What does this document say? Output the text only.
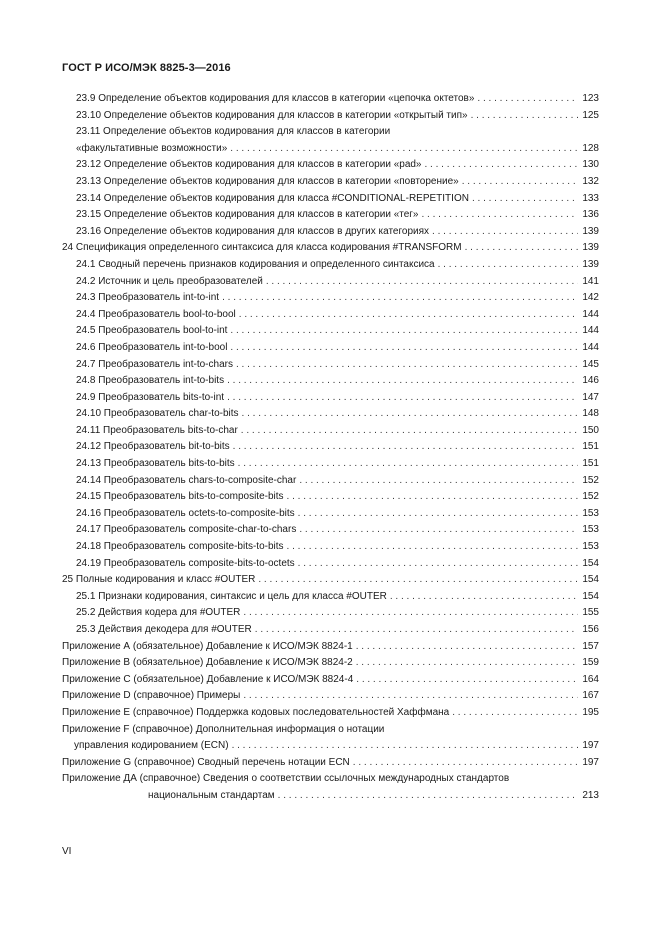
ГОСТ Р ИСО/МЭК 8825-3—2016
23.9 Определение объектов кодирования для классов в категории «цепочка октетов» . . .	123
23.10 Определение объектов кодирования для классов в категории «открытый тип» . . .	125
23.11 Определение объектов кодирования для классов в категории
«факультативные возможности» . . .	128
23.12 Определение объектов кодирования для классов в категории «pad» . . .	130
23.13 Определение объектов кодирования для классов в категории «повторение» . . .	132
23.14 Определение объектов кодирования для класса #CONDITIONAL-REPETITION . . .	133
23.15 Определение объектов кодирования для классов в категории «тег» . . .	136
23.16 Определение объектов кодирования для классов в других категориях . . .	139
24 Спецификация определенного синтаксиса для класса кодирования #TRANSFORM . . .	139
24.1 Сводный перечень признаков кодирования и определенного синтаксиса . . .	139
24.2 Источник и цель преобразователей . . .	141
24.3 Преобразователь int-to-int . . .	142
24.4 Преобразователь bool-to-bool . . .	144
24.5 Преобразователь bool-to-int . . .	144
24.6 Преобразователь int-to-bool . . .	144
24.7 Преобразователь int-to-chars . . .	145
24.8 Преобразователь int-to-bits . . .	146
24.9 Преобразователь bits-to-int . . .	147
24.10 Преобразователь char-to-bits . . .	148
24.11 Преобразователь bits-to-char . . .	150
24.12 Преобразователь bit-to-bits . . .	151
24.13 Преобразователь bits-to-bits . . .	151
24.14 Преобразователь chars-to-composite-char . . .	152
24.15 Преобразователь bits-to-composite-bits . . .	152
24.16 Преобразователь octets-to-composite-bits . . .	153
24.17 Преобразователь composite-char-to-chars . . .	153
24.18 Преобразователь composite-bits-to-bits . . .	153
24.19 Преобразователь composite-bits-to-octets . . .	154
25 Полные кодирования и класс #OUTER . . .	154
25.1 Признаки кодирования, синтаксис и цель для класса #OUTER . . .	154
25.2 Действия кодера для #OUTER . . .	155
25.3 Действия декодера для #OUTER . . .	156
Приложение А (обязательное) Добавление к ИСО/МЭК 8824-1 . . .	157
Приложение В (обязательное) Добавление к ИСО/МЭК 8824-2 . . .	159
Приложение С (обязательное) Добавление к ИСО/МЭК 8824-4 . . .	164
Приложение D (справочное) Примеры . . .	167
Приложение Е (справочное) Поддержка кодовых последовательностей Хаффмана . . .	195
Приложение F (справочное) Дополнительная информация о нотации
управления кодированием (ECN) . . .	197
Приложение G (справочное) Сводный перечень нотации ECN . . .	197
Приложение ДА (справочное) Сведения о соответствии ссылочных международных стандартов
национальным стандартам . . .	213
VI
